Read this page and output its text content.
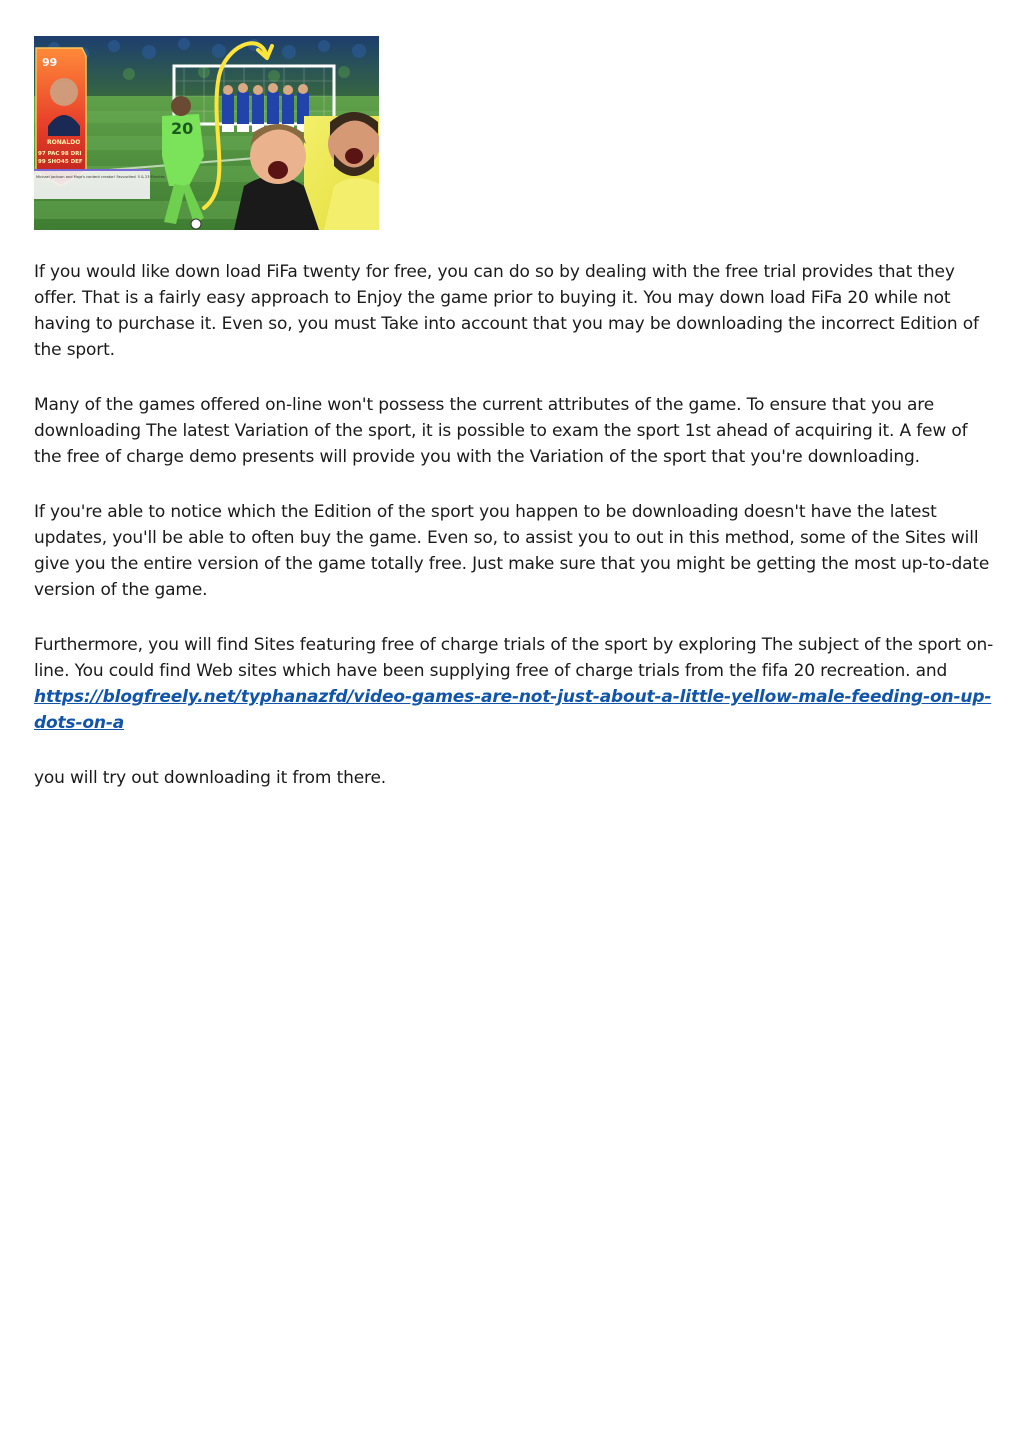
20
99
RONALDO
97 PAC 98 DRI
99 SHO 45 DEF
Michael Jackson and Mojo's content creator! Favourites! 5 & 23 Minutes

If you would like down load FiFa twenty for free, you can do so by dealing with the free trial provides that they offer. That is a fairly easy approach to Enjoy the game prior to buying it. You may down load FiFa 20 while not having to purchase it. Even so, you must Take into account that you may be downloading the incorrect Edition of the sport.

Many of the games offered on-line won't possess the current attributes of the game. To ensure that you are downloading The latest Variation of the sport, it is possible to exam the sport 1st ahead of acquiring it. A few of the free of charge demo presents will provide you with the Variation of the sport that you're downloading.

If you're able to notice which the Edition of the sport you happen to be downloading doesn't have the latest updates, you'll be able to often buy the game. Even so, to assist you to out in this method, some of the Sites will give you the entire version of the game totally free. Just make sure that you might be getting the most up-to-date version of the game.

Furthermore, you will find Sites featuring free of charge trials of the sport by exploring The subject of the sport on-line. You could find Web sites which have been supplying free of charge trials from the fifa 20 recreation. and
https://blogfreely.net/typhanazfd/video-games-are-not-just-about-a-little-yellow-male-feeding-on-up-dots-on-a

you will try out downloading it from there.
